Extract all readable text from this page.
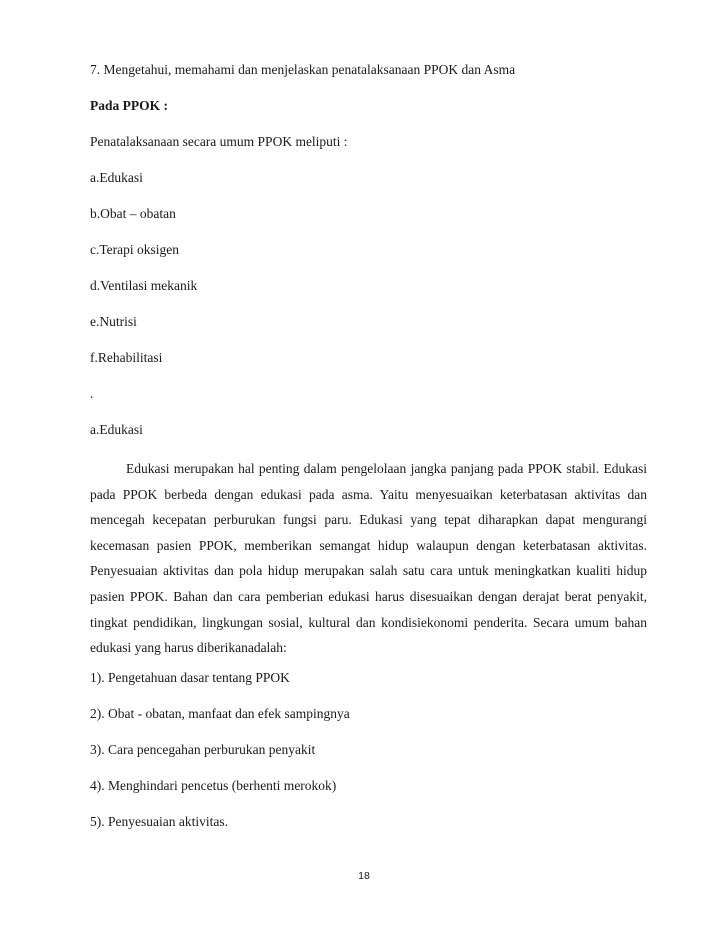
7. Mengetahui, memahami dan menjelaskan penatalaksanaan PPOK dan Asma
Pada PPOK :
Penatalaksanaan secara umum PPOK meliputi :
a.Edukasi
b.Obat – obatan
c.Terapi oksigen
d.Ventilasi mekanik
e.Nutrisi
f.Rehabilitasi
.
a.Edukasi
Edukasi merupakan hal penting dalam pengelolaan jangka panjang pada PPOK stabil. Edukasi pada PPOK berbeda dengan edukasi pada asma. Yaitu menyesuaikan keterbatasan aktivitas dan mencegah kecepatan perburukan fungsi paru. Edukasi yang tepat diharapkan dapat mengurangi kecemasan pasien PPOK, memberikan semangat hidup walaupun dengan keterbatasan aktivitas. Penyesuaian aktivitas dan pola hidup merupakan salah satu cara untuk meningkatkan kualiti hidup pasien PPOK. Bahan dan cara pemberian edukasi harus disesuaikan dengan derajat berat penyakit, tingkat pendidikan, lingkungan sosial, kultural dan kondisiekonomi penderita. Secara umum bahan edukasi yang harus diberikanadalah:
1). Pengetahuan dasar tentang PPOK
2). Obat - obatan, manfaat dan efek sampingnya
3). Cara pencegahan perburukan penyakit
4). Menghindari pencetus (berhenti merokok)
5). Penyesuaian aktivitas.
18
